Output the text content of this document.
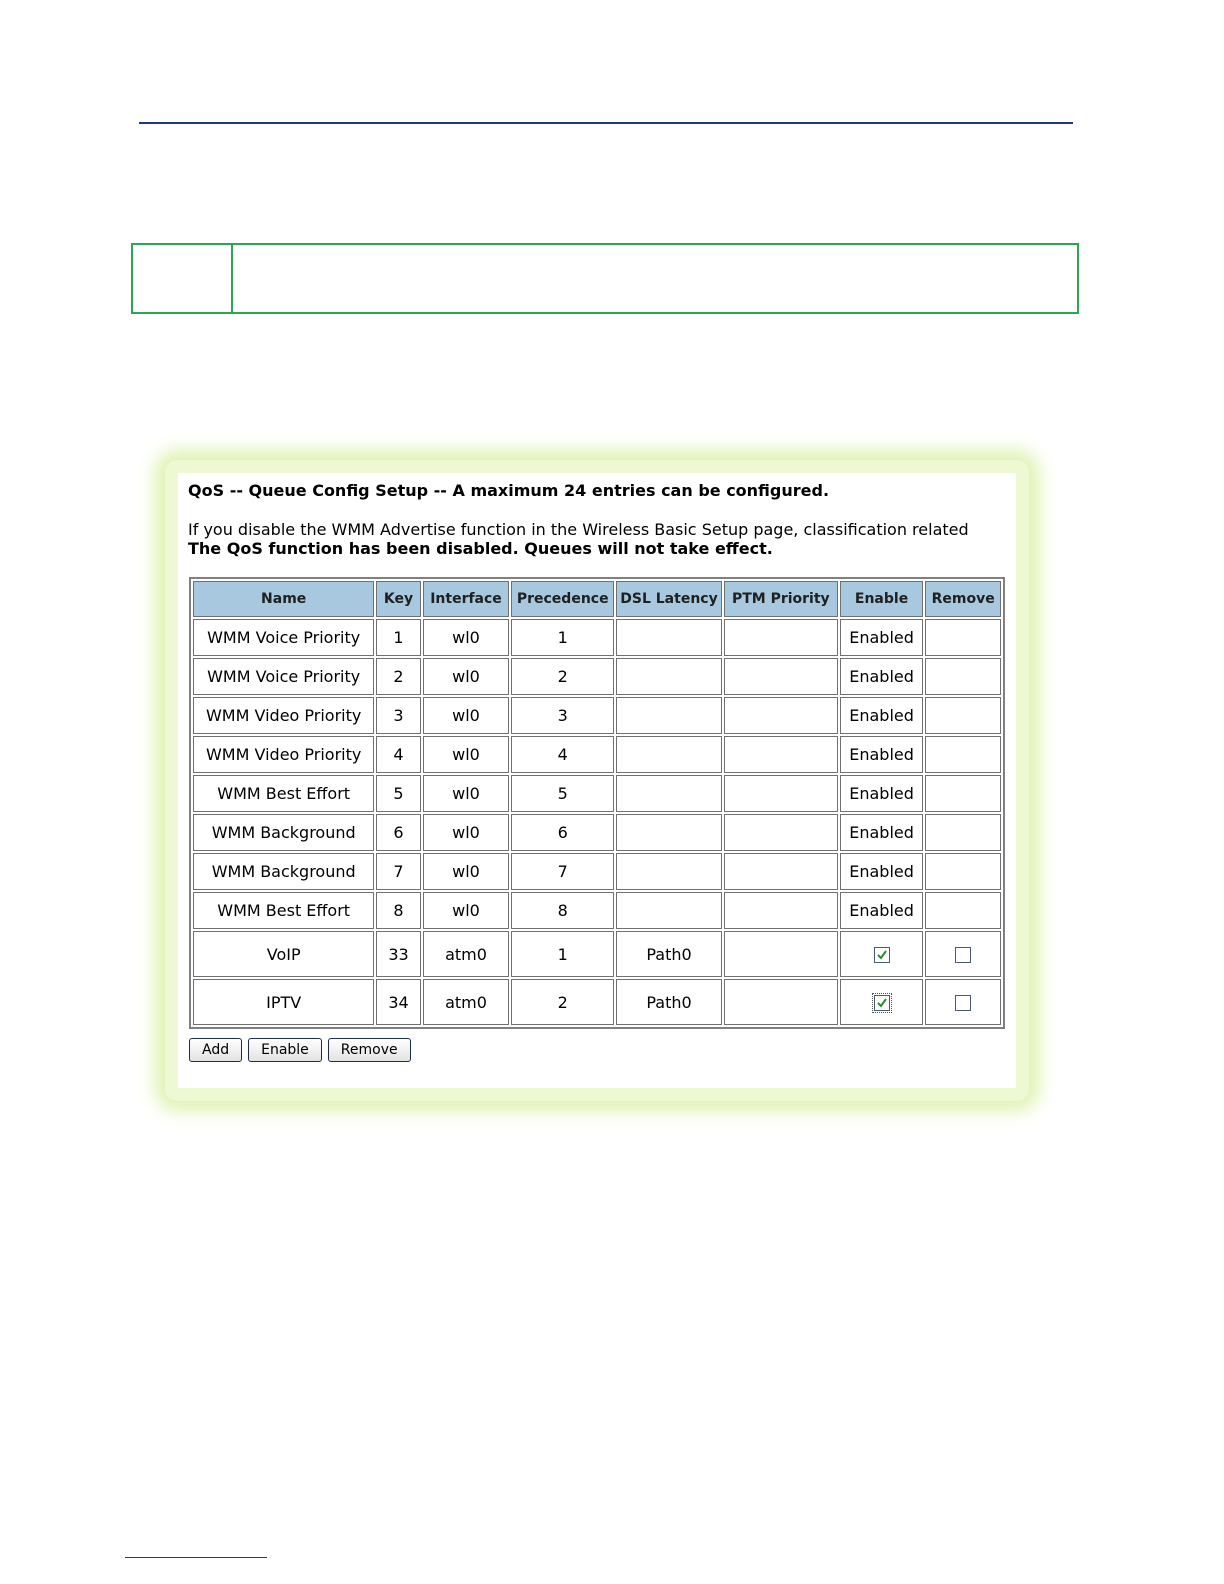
QoS -- Queue Config Setup -- A maximum 24 entries can be configured.
If you disable the WMM Advertise function in the Wireless Basic Setup page, classification related
The QoS function has been disabled. Queues will not take effect.
Name	Key	Interface	Precedence	DSL Latency	PTM Priority	Enable	Remove
WMM Voice Priority	1	wl0	1			Enabled	
WMM Voice Priority	2	wl0	2			Enabled	
WMM Video Priority	3	wl0	3			Enabled	
WMM Video Priority	4	wl0	4			Enabled	
WMM Best Effort	5	wl0	5			Enabled	
WMM Background	6	wl0	6			Enabled	
WMM Background	7	wl0	7			Enabled	
WMM Best Effort	8	wl0	8			Enabled	
VoIP	33	atm0	1	Path0		

IPTV	34	atm0	2	Path0		

Add Enable Remove
